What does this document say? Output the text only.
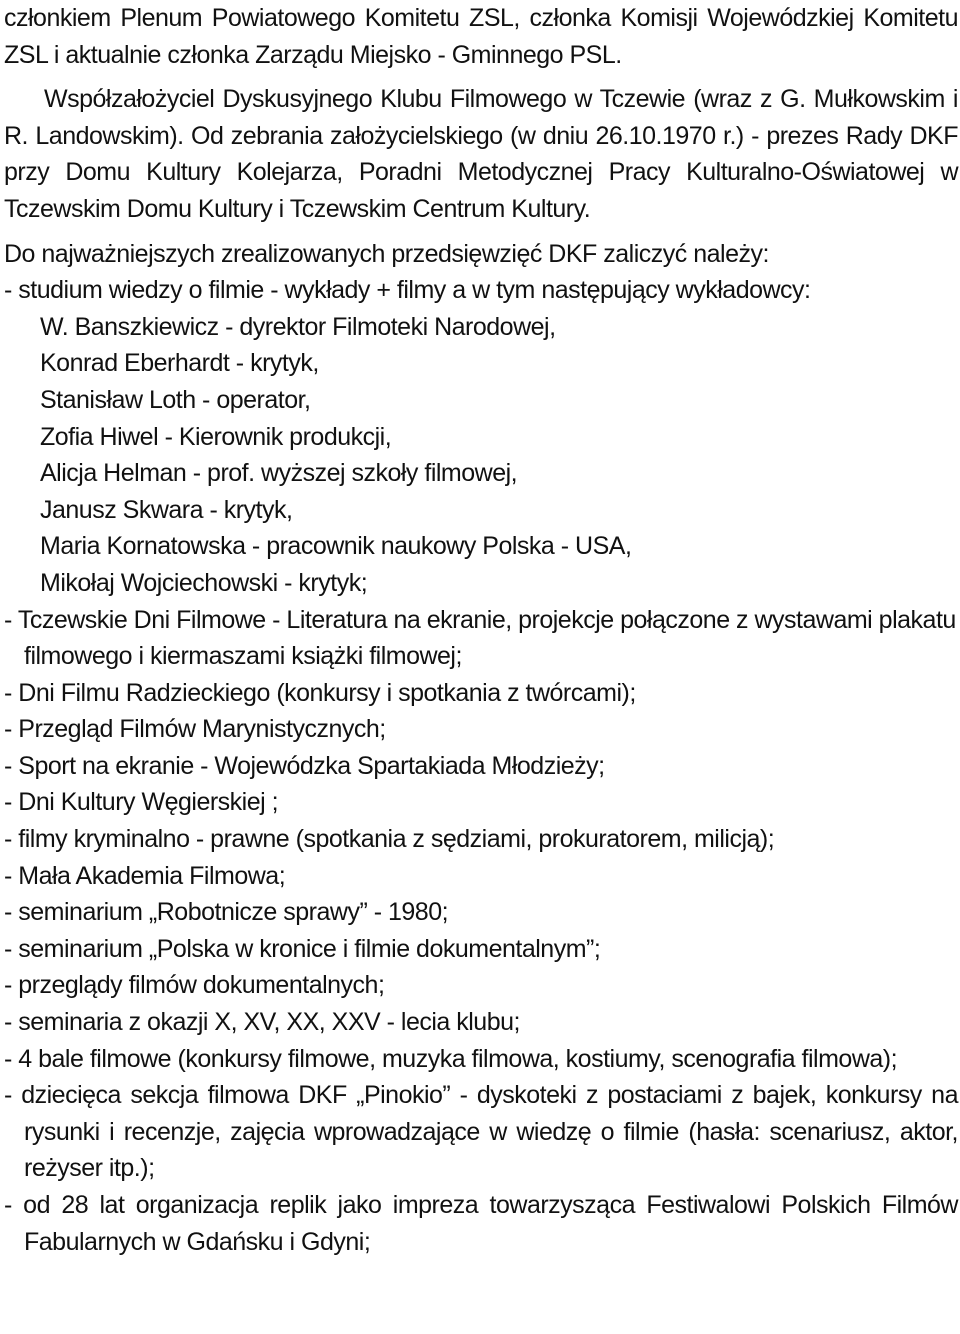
członkiem Plenum Powiatowego Komitetu ZSL, członka Komisji Wojewódzkiej Komitetu ZSL i aktualnie członka Zarządu Miejsko - Gminnego PSL.

Współzałożyciel Dyskusyjnego Klubu Filmowego w Tczewie (wraz z G. Mułkowskim i R. Landowskim). Od zebrania założycielskiego (w dniu 26.10.1970 r.) - prezes Rady DKF przy Domu Kultury Kolejarza, Poradni Metodycznej Pracy Kulturalno-Oświatowej w Tczewskim Domu Kultury i Tczewskim Centrum Kultury.

Do najważniejszych zrealizowanych przedsięwzięć DKF zaliczyć należy:

- studium wiedzy o filmie - wykłady + filmy a w tym następujący wykładowcy:

W. Banszkiewicz - dyrektor Filmoteki Narodowej,
Konrad Eberhardt - krytyk,
Stanisław Loth - operator,
Zofia Hiwel - Kierownik produkcji,
Alicja Helman - prof. wyższej szkoły filmowej,
Janusz Skwara - krytyk,
Maria Kornatowska - pracownik naukowy Polska - USA,
Mikołaj Wojciechowski - krytyk;
- Tczewskie Dni Filmowe - Literatura na ekranie, projekcje połączone z wystawami plakatu filmowego i kiermaszami książki filmowej;
- Dni Filmu Radzieckiego (konkursy i spotkania z twórcami);
- Przegląd Filmów Marynistycznych;
- Sport na ekranie - Wojewódzka Spartakiada Młodzieży;
- Dni Kultury Węgierskiej ;
- filmy kryminalno - prawne (spotkania z sędziami, prokuratorem, milicją);
- Mała Akademia Filmowa;
- seminarium „Robotnicze sprawy” - 1980;
- seminarium „Polska w kronice i filmie dokumentalnym”;
- przeglądy filmów dokumentalnych;
- seminaria z okazji X, XV, XX, XXV - lecia klubu;
- 4 bale filmowe (konkursy filmowe, muzyka filmowa, kostiumy, scenografia filmowa);
- dziecięca sekcja filmowa DKF „Pinokio” - dyskoteki z postaciami z bajek, konkursy na rysunki i recenzje, zajęcia wprowadzające w wiedzę o filmie (hasła: scenariusz, aktor, reżyser itp.);
- od 28 lat organizacja replik jako impreza towarzysząca Festiwalowi Polskich Filmów Fabularnych w Gdańsku i Gdyni;
